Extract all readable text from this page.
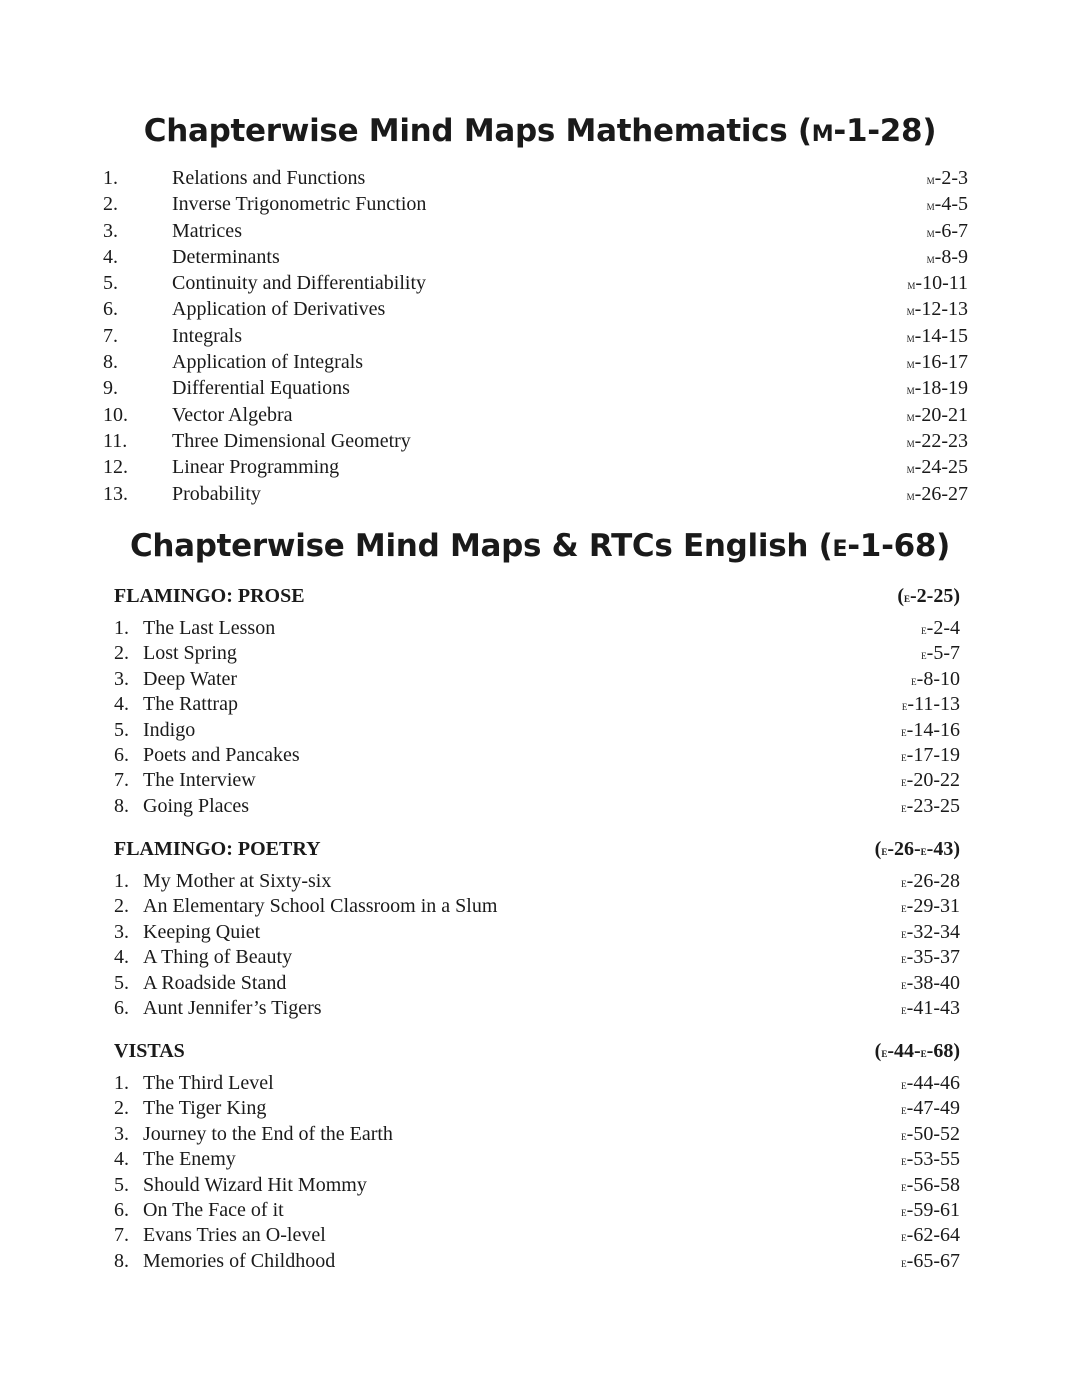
Chapterwise Mind Maps Mathematics (m-1-28)
1.	Relations and Functions	m-2-3
2.	Inverse Trigonometric Function	m-4-5
3.	Matrices	m-6-7
4.	Determinants	m-8-9
5.	Continuity and Differentiability	m-10-11
6.	Application of Derivatives	m-12-13
7.	Integrals	m-14-15
8.	Application of Integrals	m-16-17
9.	Differential Equations	m-18-19
10. Vector Algebra	m-20-21
11. Three Dimensional Geometry	m-22-23
12. Linear Programming	m-24-25
13. Probability	m-26-27
Chapterwise Mind Maps & RTCs English (e-1-68)
FLAMINGO: PROSE	(e-2-25)
1. The Last Lesson	e-2-4
2. Lost Spring	e-5-7
3. Deep Water	e-8-10
4. The Rattrap	e-11-13
5. Indigo	e-14-16
6. Poets and Pancakes	e-17-19
7. The Interview	e-20-22
8. Going Places	e-23-25
FLAMINGO: POETRY	(e-26-e-43)
1. My Mother at Sixty-six	e-26-28
2. An Elementary School Classroom in a Slum	e-29-31
3. Keeping Quiet	e-32-34
4. A Thing of Beauty	e-35-37
5. A Roadside Stand	e-38-40
6. Aunt Jennifer’s Tigers	e-41-43
VISTAS	(e-44-e-68)
1. The Third Level	e-44-46
2. The Tiger King	e-47-49
3. Journey to the End of the Earth	e-50-52
4. The Enemy	e-53-55
5. Should Wizard Hit Mommy	e-56-58
6. On The Face of it	e-59-61
7. Evans Tries an O-level	e-62-64
8. Memories of Childhood	e-65-67
